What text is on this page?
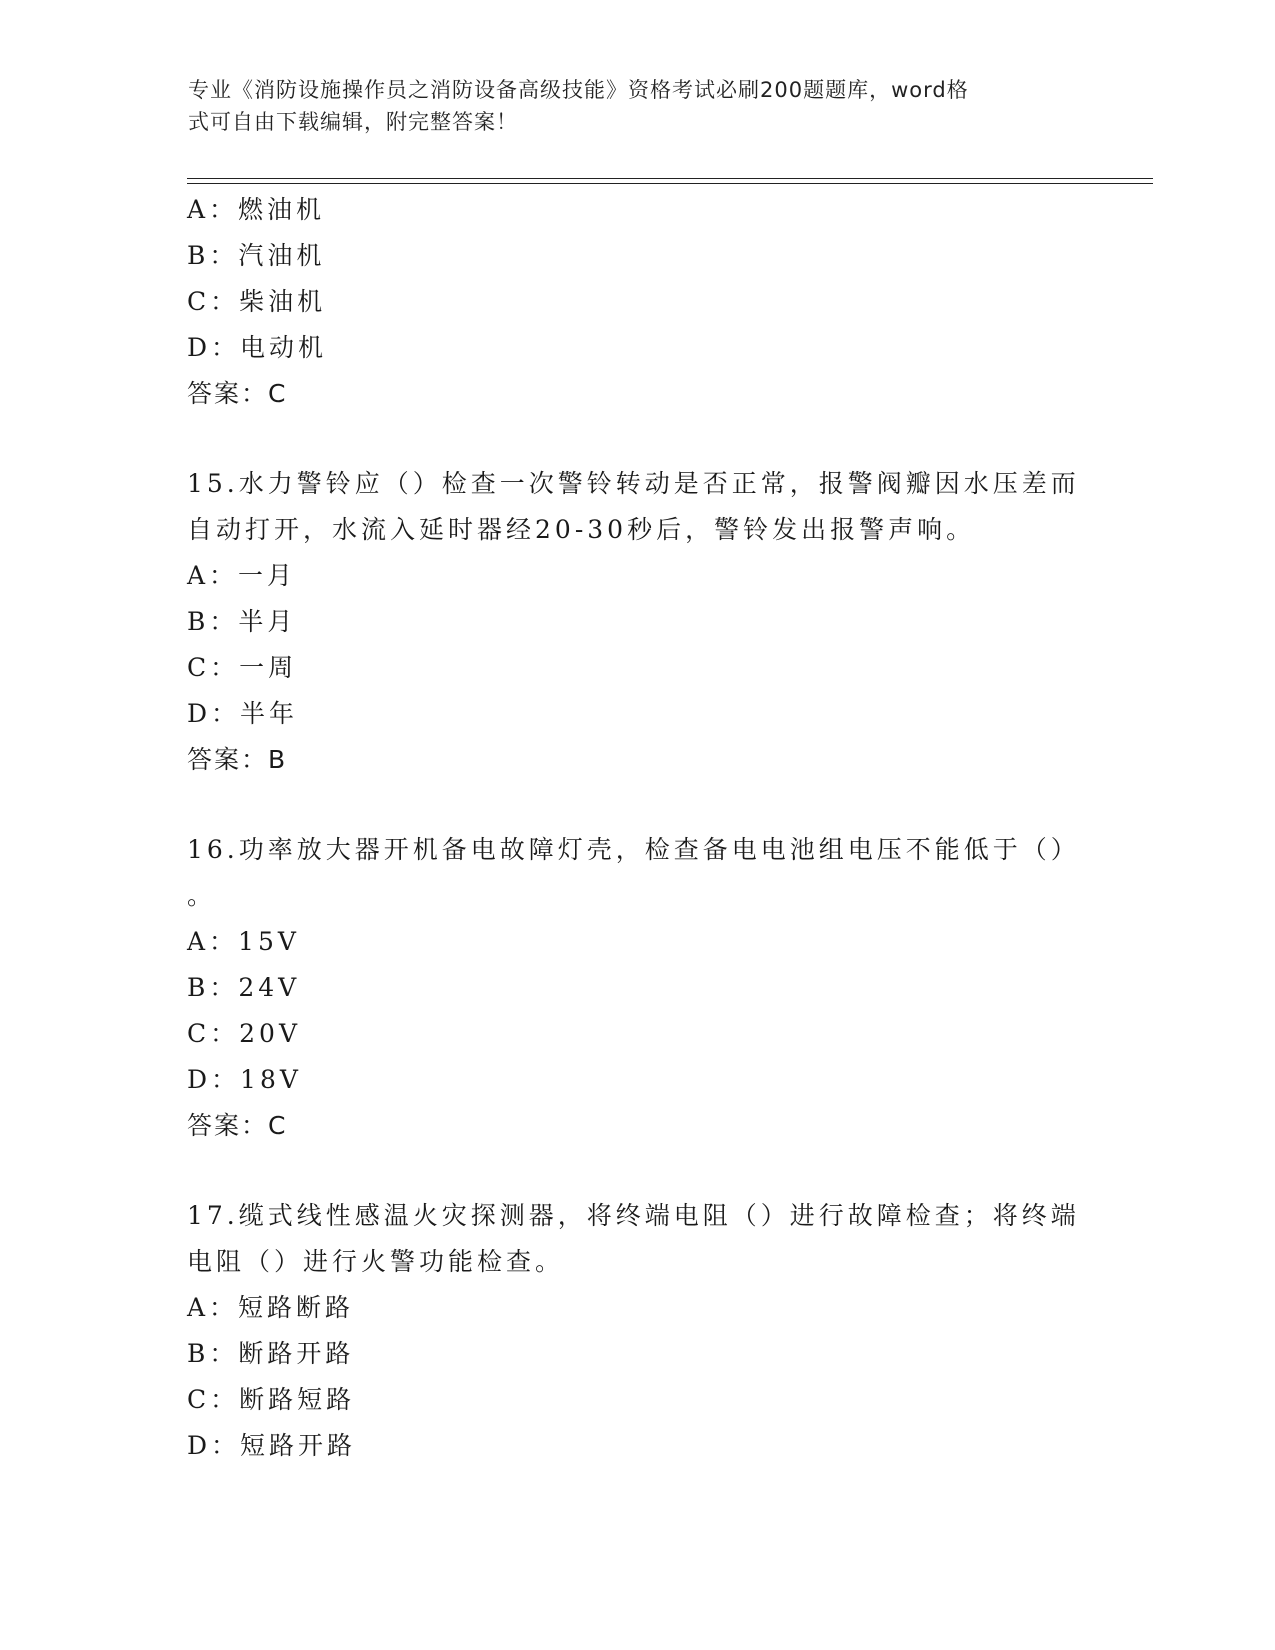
专业《消防设施操作员之消防设备高级技能》资格考试必刷200题题库，word格
式可自由下载编辑，附完整答案！
A：燃油机
B：汽油机
C：柴油机
D：电动机
答案：C
15.水力警铃应（）检查一次警铃转动是否正常，报警阀瓣因水压差而
自动打开，水流入延时器经20-30秒后，警铃发出报警声响。
A：一月
B：半月
C：一周
D：半年
答案：B
16.功率放大器开机备电故障灯壳，检查备电电池组电压不能低于（）
。
A：15V
B：24V
C：20V
D：18V
答案：C
17.缆式线性感温火灾探测器，将终端电阻（）进行故障检查；将终端
电阻（）进行火警功能检查。
A：短路断路
B：断路开路
C：断路短路
D：短路开路
